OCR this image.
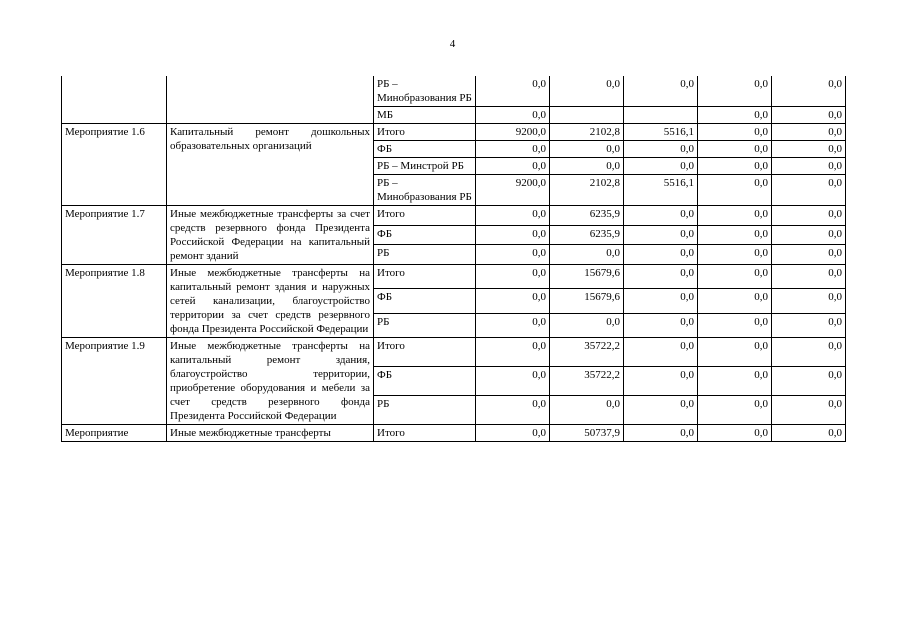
4
		РБ – Минобразования РБ	0,0	0,0	0,0	0,0	0,0
		МБ	0,0			0,0	0,0
Мероприятие 1.6	Капитальный ремонт дошкольных образовательных организаций	Итого	9200,0	2102,8	5516,1	0,0	0,0
		ФБ	0,0	0,0	0,0	0,0	0,0
		РБ – Минстрой РБ	0,0	0,0	0,0	0,0	0,0
		РБ – Минобразования РБ	9200,0	2102,8	5516,1	0,0	0,0
Мероприятие 1.7	Иные межбюджетные трансферты за счет средств резервного фонда Президента Российской Федерации на капитальный ремонт зданий	Итого	0,0	6235,9	0,0	0,0	0,0
		ФБ	0,0	6235,9	0,0	0,0	0,0
		РБ	0,0	0,0	0,0	0,0	0,0
Мероприятие 1.8	Иные межбюджетные трансферты на капитальный ремонт здания и наружных сетей канализации, благоустройство территории за счет средств резервного фонда Президента Российской Федерации	Итого	0,0	15679,6	0,0	0,0	0,0
		ФБ	0,0	15679,6	0,0	0,0	0,0
		РБ	0,0	0,0	0,0	0,0	0,0
Мероприятие 1.9	Иные межбюджетные трансферты на капитальный ремонт здания, благоустройство территории, приобретение оборудования и мебели за счет средств резервного фонда Президента Российской Федерации	Итого	0,0	35722,2	0,0	0,0	0,0
		ФБ	0,0	35722,2	0,0	0,0	0,0
		РБ	0,0	0,0	0,0	0,0	0,0
Мероприятие	Иные межбюджетные трансферты	Итого	0,0	50737,9	0,0	0,0	0,0
